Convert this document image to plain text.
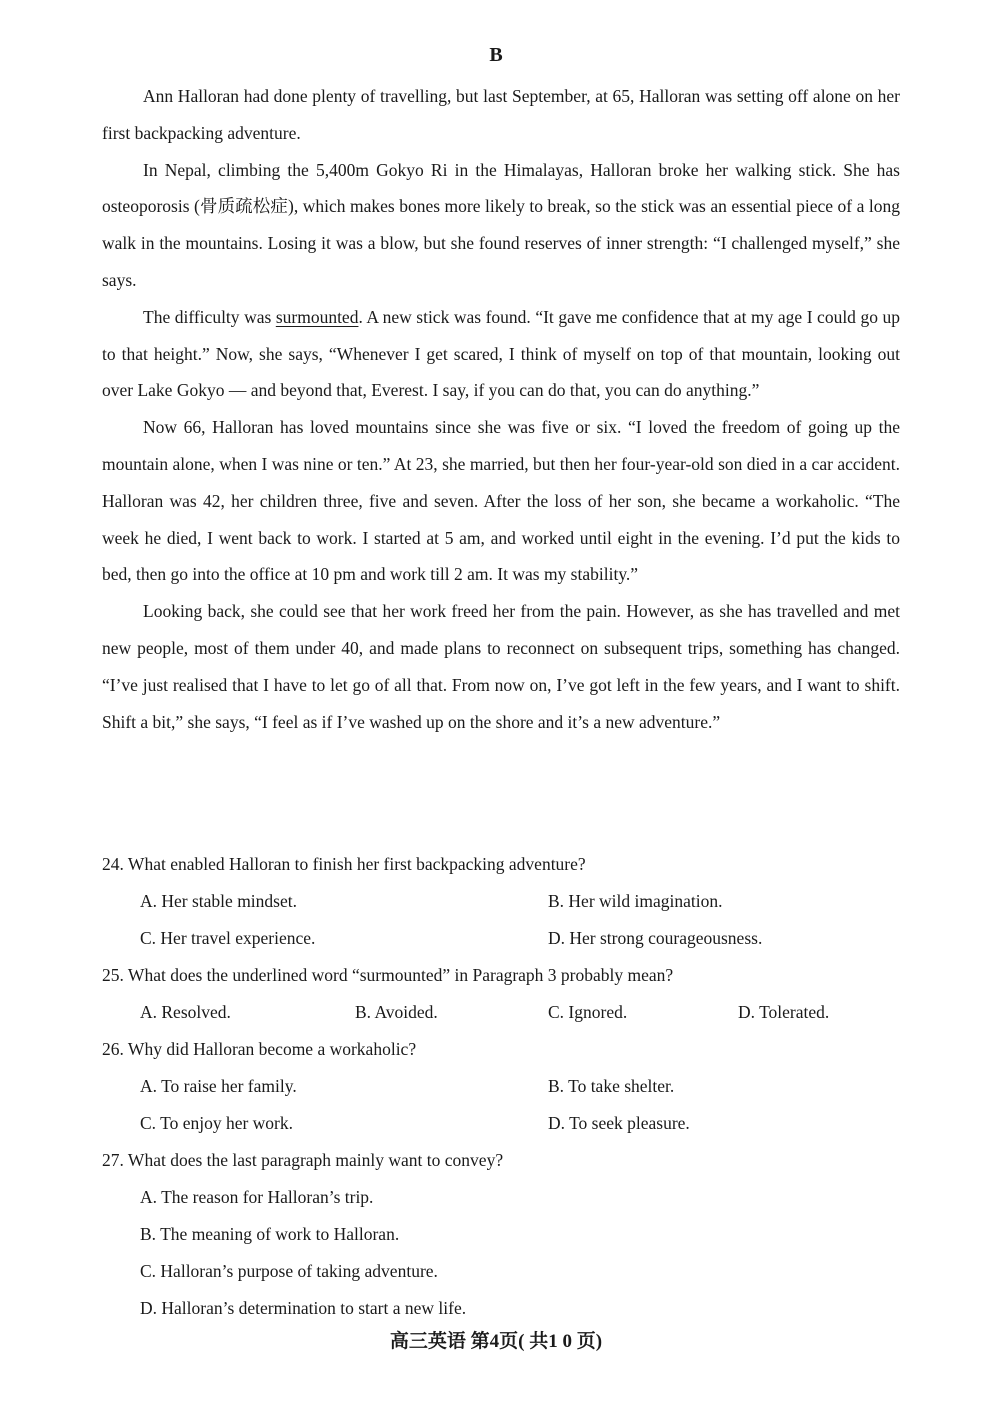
B

Ann Halloran had done plenty of travelling, but last September, at 65, Halloran was setting off alone on her first backpacking adventure.

In Nepal, climbing the 5,400m Gokyo Ri in the Himalayas, Halloran broke her walking stick. She has osteoporosis (骨质疏松症), which makes bones more likely to break, so the stick was an essential piece of a long walk in the mountains. Losing it was a blow, but she found reserves of inner strength: “I challenged myself,” she says.

The difficulty was surmounted. A new stick was found. “It gave me confidence that at my age I could go up to that height.” Now, she says, “Whenever I get scared, I think of myself on top of that mountain, looking out over Lake Gokyo — and beyond that, Everest. I say, if you can do that, you can do anything.”

Now 66, Halloran has loved mountains since she was five or six. “I loved the freedom of going up the mountain alone, when I was nine or ten.” At 23, she married, but then her four-year-old son died in a car accident. Halloran was 42, her children three, five and seven. After the loss of her son, she became a workaholic. “The week he died, I went back to work. I started at 5 am, and worked until eight in the evening. I’d put the kids to bed, then go into the office at 10 pm and work till 2 am. It was my stability.”

Looking back, she could see that her work freed her from the pain. However, as she has travelled and met new people, most of them under 40, and made plans to reconnect on subsequent trips, something has changed. “I’ve just realised that I have to let go of all that. From now on, I’ve got left in the few years, and I want to shift. Shift a bit,” she says, “I feel as if I’ve washed up on the shore and it’s a new adventure.”

24. What enabled Halloran to finish her first backpacking adventure?
A. Her stable mindset.	B. Her wild imagination.
C. Her travel experience.	D. Her strong courageousness.
25. What does the underlined word “surmounted” in Paragraph 3 probably mean?
A. Resolved.	B. Avoided.	C. Ignored.	D. Tolerated.
26. Why did Halloran become a workaholic?
A. To raise her family.	B. To take shelter.
C. To enjoy her work.	D. To seek pleasure.
27. What does the last paragraph mainly want to convey?
A. The reason for Halloran’s trip.
B. The meaning of work to Halloran.
C. Halloran’s purpose of taking adventure.
D. Halloran’s determination to start a new life.
高三英语 第4页( 共1 0 页)
